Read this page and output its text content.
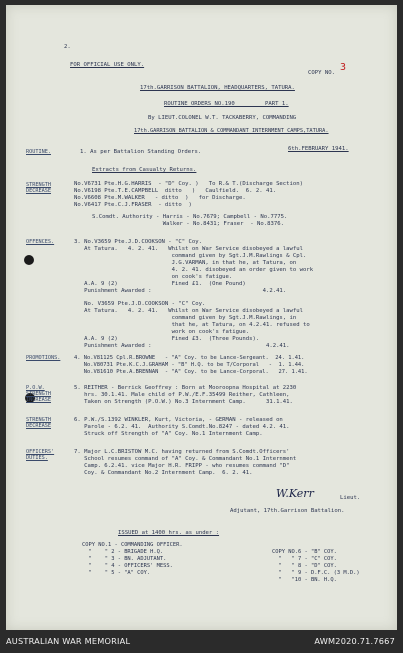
2.
FOR OFFICIAL USE ONLY.
COPY NO. 3
17th.GARRISON BATTALION, HEADQUARTERS, TATURA.
ROUTINE ORDERS NO.190         PART 1.
By LIEUT.COLONEL W.T. TACKABERRY, COMMANDING
17th.GARRISON BATTALION & COMMANDANT INTERNMENT CAMPS,TATURA.
6th.FEBRUARY 1941.
ROUTINE.	1. As per Battalion Standing Orders.
Extracts from Casualty Returns.
STRENGTH
DECREASE
No.V6731 Pte.H.G.HARRIS  - "D" Coy. )   To R.& T.(Discharge Section)
No.V6198 Pte.T.E.CAMPBELL  ditto   )   Caulfield.  6. 2. 41.
No.V6608 Pte.M.WALKER   - ditto  )   for Discharge.
No.V6417 Pte.C.J.FRASER  - ditto  )
S.Comdt. Authority - Harris - No.7679; Campbell - No.7775.
Walker - No.8431; Fraser  - No.8376.
OFFENCES.	3. No.V3659 Pte.J.D.COOKSON - "C" Coy.
At Tatura.   4. 2. 41.   Whilst on War Service disobeyed a lawful
command given by Sgt.J.M.Rawlings & Cpl.
J.G.VARMAN, in that he, at Tatura, on
4. 2. 41. disobeyed an order given to work
on cook's fatigue.
A.A. 9 (2)                Fined £1.  (One Pound)
Punishment Awarded :                                 4.2.41.
No. V3659 Pte.J.D.COOKSON - "C" Coy.
At Tatura.   4. 2. 41.   Whilst on War Service disobeyed a lawful
command given by Sgt.J.M.Rawlings, in
that he, at Tatura, on 4.2.41. refused to
work on cook's fatigue.
A.A. 9 (2)                Fined £3.  (Three Pounds).
Punishment Awarded :                                  4.2.41.
PROMOTIONS.	4. No.V81125 Cpl.R.BROWNE   - "A" Coy. to be Lance-Sergeant.  24. 1.41.
No.V80731 Pte.K.C.J.GRAHAM - "B" H.Q. to be T/Corporal   -  1. 1.44.
No.V81610 Pte.A.BRENNAN  - "A" Coy. to be Lance-Corporal.   27. 1.41.
P.O.W.
STRENGTH
INCREASE
5. REITHER - Berrick Geoffrey : Born at Mooroopna Hospital at 2230
hrs. 30.1.41. Male child of P.W./E.F.35499 Reither, Cathleen,
Taken on Strength (P.O.W.) No.3 Internment Camp.      31.1.41.
STRENGTH
DECREASE
6. P.W./S.1392 WINKLER, Kurt, Victoria, - GERMAN - released on
Parole - 6.2. 41.  Authority S.Comdt.No.8247 - dated 4.2. 41.
Struck off Strength of "A" Coy. No.1 Internment Camp.
OFFICERS'
DUTIES.
7. Major L.C.BRISTOW M.C. having returned from S.Comdt.Officers'
School resumes command of "A" Coy. & Commandant No.1 Internment
Camp. 6.2.41. vice Major H.R. FRIPP - who resumes command "D"
Coy. & Commandant No.2 Internment Camp.  6. 2. 41.
W.Kerr	Lieut.
Adjutant, 17th.Garrison Battalion.
ISSUED at 1400 hrs. as under :
COPY NO.1 - COMMANDING OFFICER.
"    " 2 - BRIGADE H.Q.
"    " 3 - BN. ADJUTANT.
"    " 4 - OFFICERS' MESS.
"    " 5 - "A" COY.
COPY NO.6 - "B" COY.
"   " 7 - "C" COY.
"   " 8 - "D" COY.
"   " 9 - D.F.C. (3 M.D.)
"   "10 - BN. H.Q.
AUSTRALIAN WAR MEMORIAL	AWM2020.71.7667
